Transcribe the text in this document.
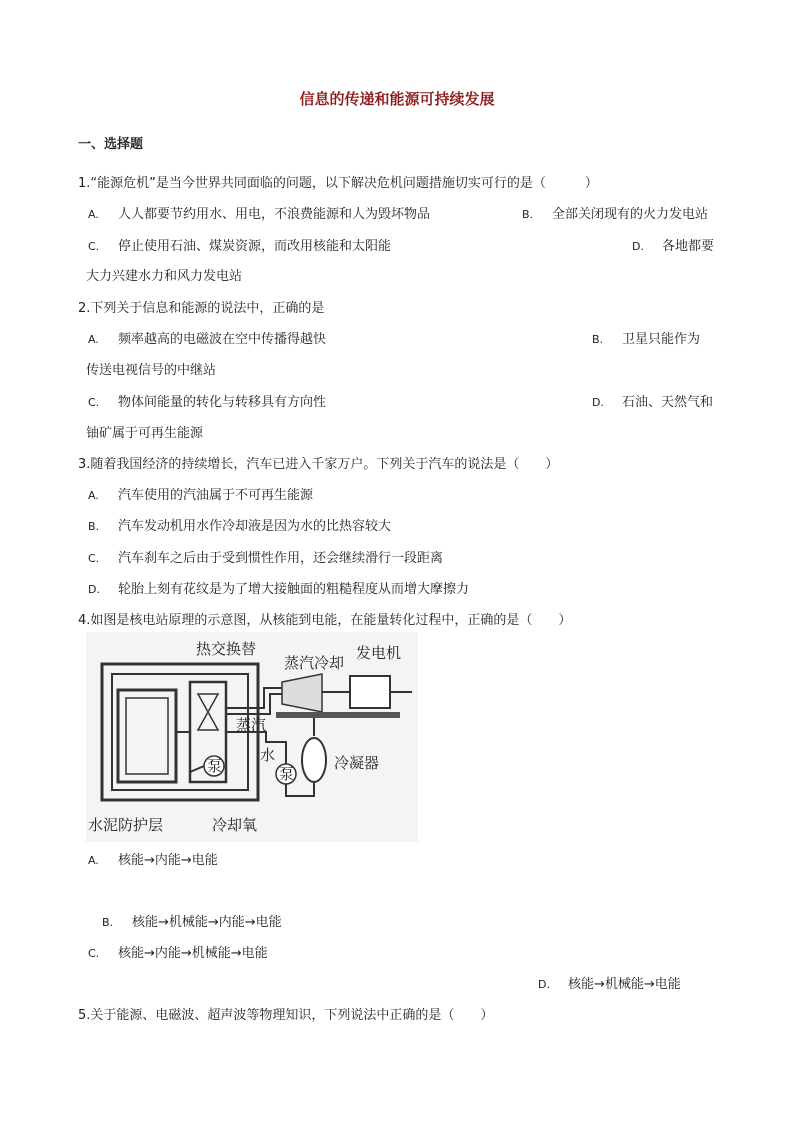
信息的传递和能源可持续发展
一、选择题
1.“能源危机”是当今世界共同面临的问题，以下解决危机问题措施切实可行的是（　　　）
A. 人人都要节约用水、用电，不浪费能源和人为毁坏物品	B. 全部关闭现有的火力发电站
C. 停止使用石油、煤炭资源，而改用核能和太阳能	D. 各地都要
大力兴建水力和风力发电站
2.下列关于信息和能源的说法中，正确的是
A. 频率越高的电磁波在空中传播得越快	B. 卫星只能作为
传送电视信号的中继站
C. 物体间能量的转化与转移具有方向性	D. 石油、天然气和
铀矿属于可再生能源
3.随着我国经济的持续增长，汽车已进入千家万户。下列关于汽车的说法是（　　）
A. 汽车使用的汽油属于不可再生能源
B. 汽车发动机用水作冷却液是因为水的比热容较大
C. 汽车刹车之后由于受到惯性作用，还会继续滑行一段距离
D. 轮胎上刻有花纹是为了增大接触面的粗糙程度从而增大摩擦力
4.如图是核电站原理的示意图，从核能到电能，在能量转化过程中，正确的是（　　）
热交换替
蒸汽冷却
发电机
蒸汽
水
泵	泵
冷凝器
水泥防护层	冷却氧
A. 核能→内能→电能
B. 核能→机械能→内能→电能
C. 核能→内能→机械能→电能
D. 核能→机械能→电能
5.关于能源、电磁波、超声波等物理知识，下列说法中正确的是（　　）
